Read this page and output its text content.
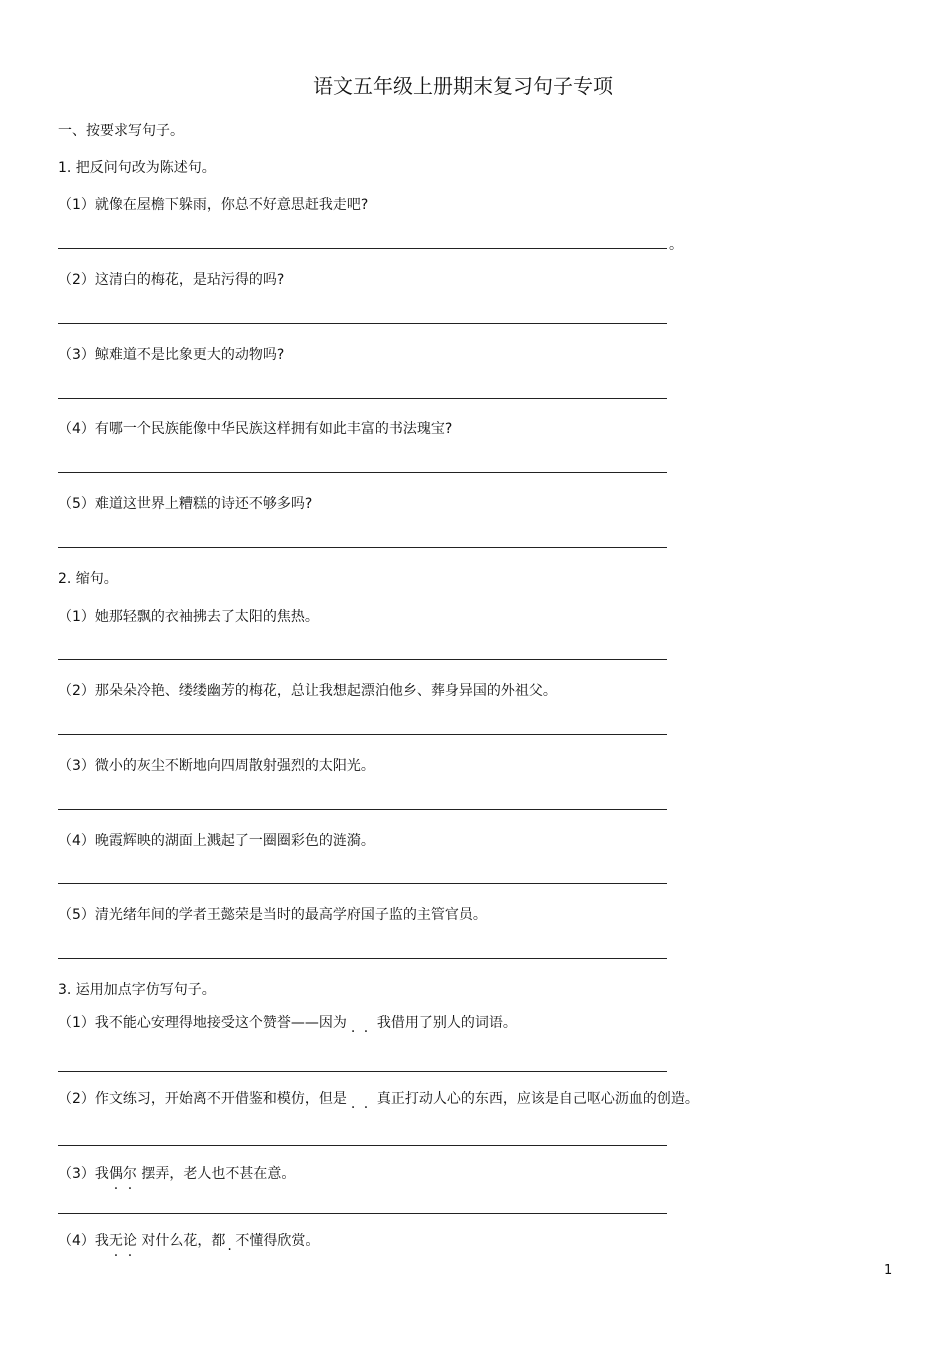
语文五年级上册期末复习句子专项
一、按要求写句子。
1. 把反问句改为陈述句。
（1）就像在屋檐下躲雨，你总不好意思赶我走吧?
。
（2）这清白的梅花，是玷污得的吗?
（3）鲸难道不是比象更大的动物吗?
（4）有哪一个民族能像中华民族这样拥有如此丰富的书法瑰宝?
（5）难道这世界上糟糕的诗还不够多吗?
2. 缩句。
（1）她那轻飘的衣袖拂去了太阳的焦热。
（2）那朵朵冷艳、缕缕幽芳的梅花，总让我想起漂泊他乡、葬身异国的外祖父。
（3）微小的灰尘不断地向四周散射强烈的太阳光。
（4）晚霞辉映的湖面上溅起了一圈圈彩色的涟漪。
（5）清光绪年间的学者王懿荣是当时的最高学府国子监的主管官员。
3. 运用加点字仿写句子。
（1）我不能心安理得地接受这个赞誉——因为 我借用了别人的词语。
（2）作文练习，开始离不开借鉴和模仿，但是 真正打动人心的东西，应该是自己呕心沥血的创造。
（3）我偶尔 摆弄，老人也不甚在意。
（4）我无论 对什么花，都 不懂得欣赏。
1
